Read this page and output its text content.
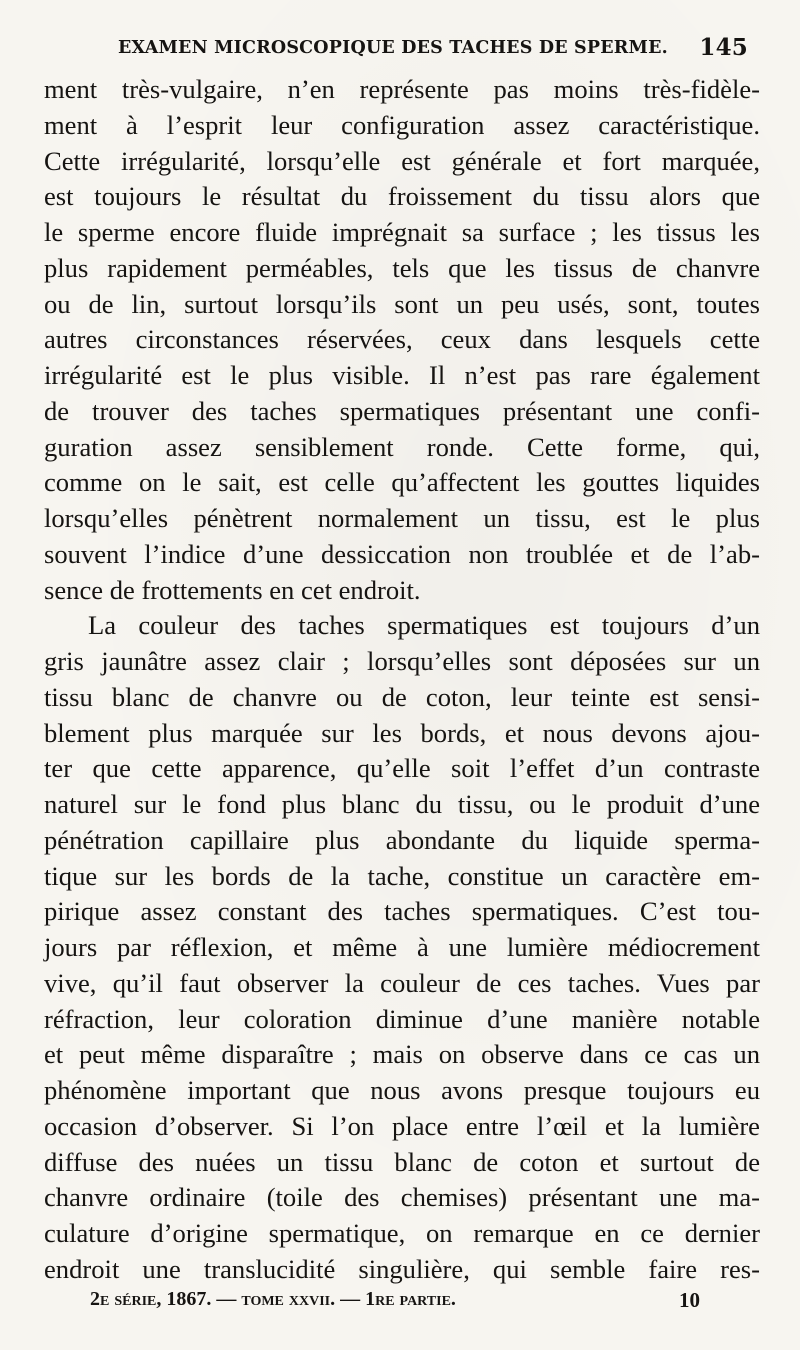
EXAMEN MICROSCOPIQUE DES TACHES DE SPERME. 145
ment très-vulgaire, n’en représente pas moins très-fidèle-
ment à l’esprit leur configuration assez caractéristique.
Cette irrégularité, lorsqu’elle est générale et fort marquée,
est toujours le résultat du froissement du tissu alors que
le sperme encore fluide imprégnait sa surface ; les tissus les
plus rapidement perméables, tels que les tissus de chanvre
ou de lin, surtout lorsqu’ils sont un peu usés, sont, toutes
autres circonstances réservées, ceux dans lesquels cette
irrégularité est le plus visible. Il n’est pas rare également
de trouver des taches spermatiques présentant une confi-
guration assez sensiblement ronde. Cette forme, qui,
comme on le sait, est celle qu’affectent les gouttes liquides
lorsqu’elles pénètrent normalement un tissu, est le plus
souvent l’indice d’une dessiccation non troublée et de l’ab-
sence de frottements en cet endroit.
La couleur des taches spermatiques est toujours d’un
gris jaunâtre assez clair ; lorsqu’elles sont déposées sur un
tissu blanc de chanvre ou de coton, leur teinte est sensi-
blement plus marquée sur les bords, et nous devons ajou-
ter que cette apparence, qu’elle soit l’effet d’un contraste
naturel sur le fond plus blanc du tissu, ou le produit d’une
pénétration capillaire plus abondante du liquide sperma-
tique sur les bords de la tache, constitue un caractère em-
pirique assez constant des taches spermatiques. C’est tou-
jours par réflexion, et même à une lumière médiocrement
vive, qu’il faut observer la couleur de ces taches. Vues par
réfraction, leur coloration diminue d’une manière notable
et peut même disparaître ; mais on observe dans ce cas un
phénomène important que nous avons presque toujours eu
occasion d’observer. Si l’on place entre l’œil et la lumière
diffuse des nuées un tissu blanc de coton et surtout de
chanvre ordinaire (toile des chemises) présentant une ma-
culature d’origine spermatique, on remarque en ce dernier
endroit une translucidité singulière, qui semble faire res-
2e série, 1867. — tome xxvii. — 1re partie.	10
